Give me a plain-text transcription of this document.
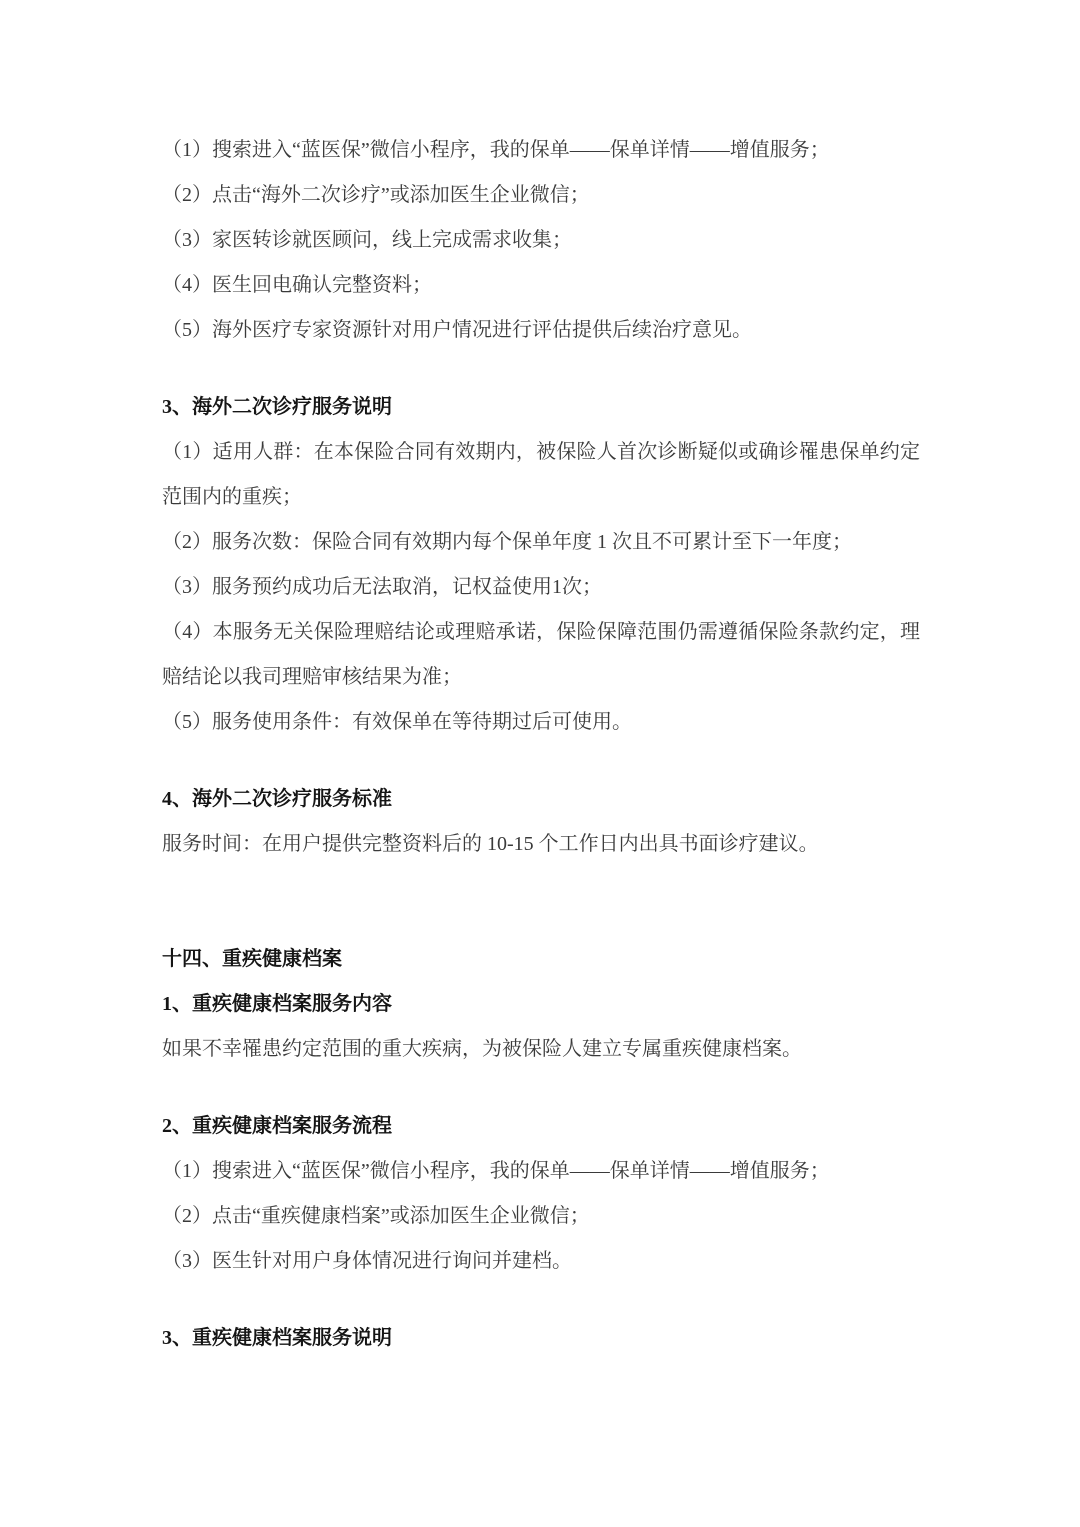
（1）搜索进入“蓝医保”微信小程序，我的保单——保单详情——增值服务；

（2）点击“海外二次诊疗”或添加医生企业微信；

（3）家医转诊就医顾问，线上完成需求收集；

（4）医生回电确认完整资料；

（5）海外医疗专家资源针对用户情况进行评估提供后续治疗意见。

3、海外二次诊疗服务说明

（1）适用人群：在本保险合同有效期内，被保险人首次诊断疑似或确诊罹患保单约定范围内的重疾；

（2）服务次数：保险合同有效期内每个保单年度 1 次且不可累计至下一年度；

（3）服务预约成功后无法取消，记权益使用1次；

（4）本服务无关保险理赔结论或理赔承诺，保险保障范围仍需遵循保险条款约定，理赔结论以我司理赔审核结果为准；

（5）服务使用条件：有效保单在等待期过后可使用。

4、海外二次诊疗服务标准

服务时间：在用户提供完整资料后的 10-15 个工作日内出具书面诊疗建议。

十四、重疾健康档案

1、重疾健康档案服务内容

如果不幸罹患约定范围的重大疾病，为被保险人建立专属重疾健康档案。

2、重疾健康档案服务流程

（1）搜索进入“蓝医保”微信小程序，我的保单——保单详情——增值服务；

（2）点击“重疾健康档案”或添加医生企业微信；

（3）医生针对用户身体情况进行询问并建档。

3、重疾健康档案服务说明
